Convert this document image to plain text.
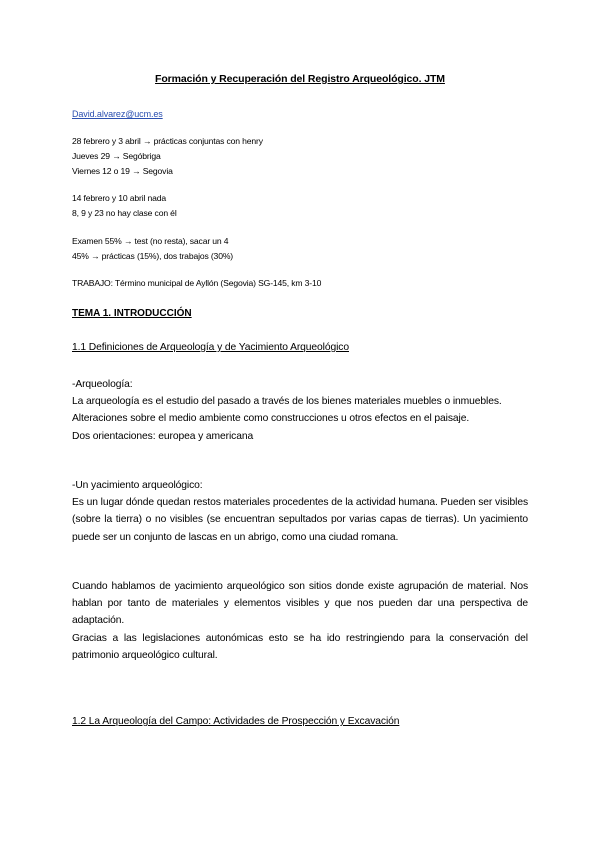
Formación y Recuperación del Registro Arqueológico. JTM
David.alvarez@ucm.es
28 febrero y 3 abril → prácticas conjuntas con henry
Jueves 29 → Segóbriga
Viernes 12 o 19 → Segovia
14 febrero y 10 abril nada
8, 9 y 23 no hay clase con él
Examen 55% → test (no resta), sacar un 4
45% → prácticas (15%), dos trabajos (30%)
TRABAJO: Término municipal de Ayllón (Segovia) SG-145, km 3-10
TEMA 1. INTRODUCCIÓN
1.1 Definiciones de Arqueología y de Yacimiento Arqueológico

-Arqueología:

La arqueología es el estudio del pasado a través de los bienes materiales muebles o inmuebles.

Alteraciones sobre el medio ambiente como construcciones u otros efectos en el paisaje.

Dos orientaciones: europea y americana

-Un yacimiento arqueológico:

Es un lugar dónde quedan restos materiales procedentes de la actividad humana. Pueden ser visibles (sobre la tierra) o no visibles (se encuentran sepultados por varias capas de tierras). Un yacimiento puede ser un conjunto de lascas en un abrigo, como una ciudad romana.

Cuando hablamos de yacimiento arqueológico son sitios donde existe agrupación de material. Nos hablan por tanto de materiales y elementos visibles y que nos pueden dar una perspectiva de adaptación.

Gracias a las legislaciones autonómicas esto se ha ido restringiendo para la conservación del patrimonio arqueológico cultural.

1.2 La Arqueología del Campo: Actividades de Prospección y Excavación
